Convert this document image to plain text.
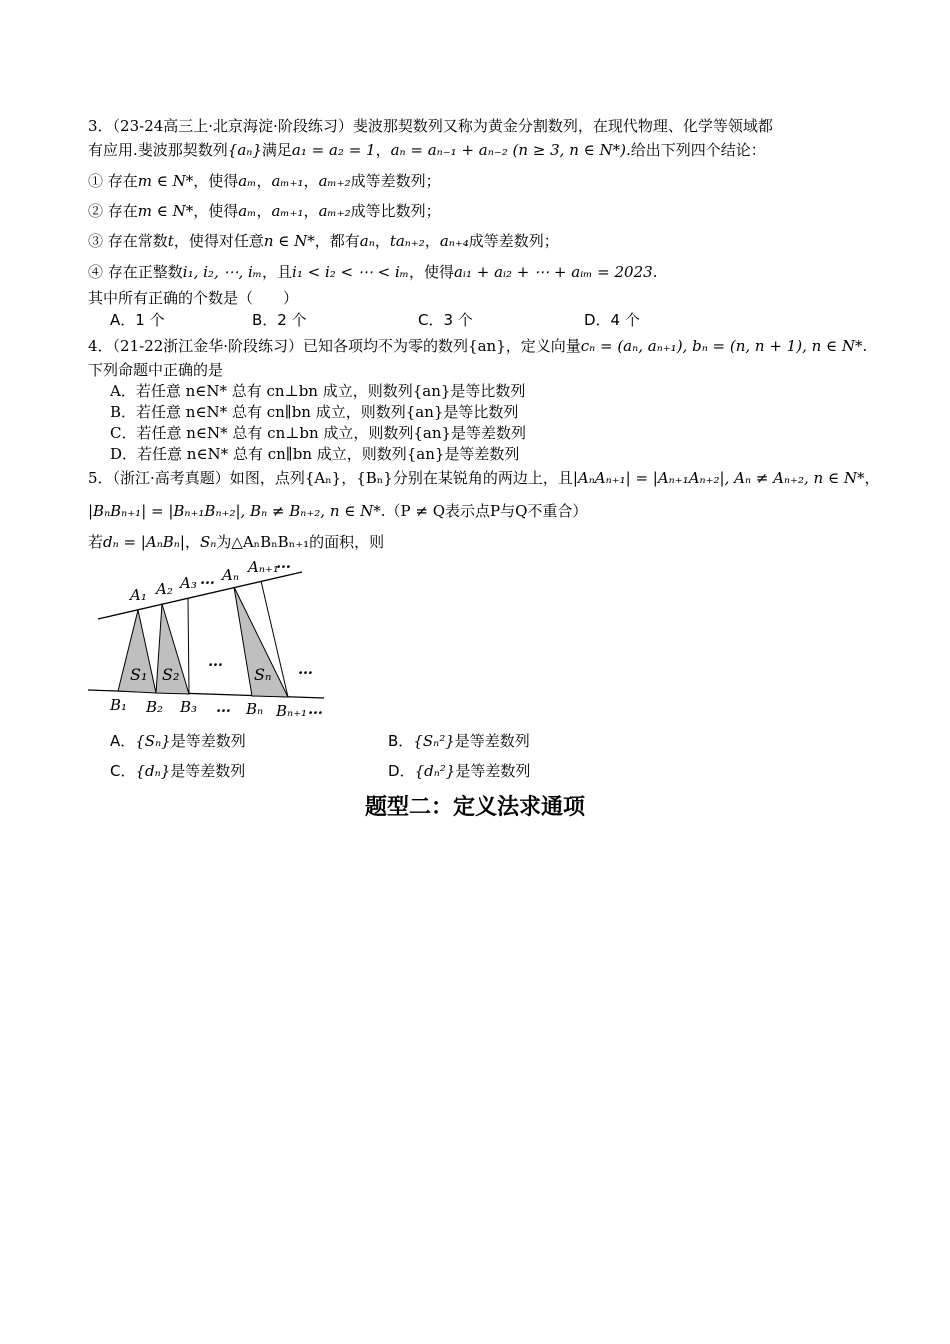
3．（23-24高三上·北京海淀·阶段练习）斐波那契数列又称为黄金分割数列，在现代物理、化学等领域都
有应用.斐波那契数列{aₙ}满足a₁ = a₂ = 1，aₙ = aₙ₋₁ + aₙ₋₂ (n ≥ 3, n ∈ N*).给出下列四个结论：
① 存在m ∈ N*，使得aₘ，aₘ₊₁，aₘ₊₂成等差数列；
② 存在m ∈ N*，使得aₘ，aₘ₊₁，aₘ₊₂成等比数列；
③ 存在常数t，使得对任意n ∈ N*，都有aₙ，taₙ₊₂，aₙ₊₄成等差数列；
④ 存在正整数i₁, i₂, ⋯, iₘ，且i₁ < i₂ < ⋯ < iₘ，使得aᵢ₁ + aᵢ₂ + ⋯ + aᵢₘ = 2023.
其中所有正确的个数是（　　）
A．1 个	B．2 个	C．3 个	D．4 个
4．（21-22浙江金华·阶段练习）已知各项均不为零的数列{an}，定义向量cₙ = (aₙ, aₙ₊₁), bₙ = (n, n + 1), n ∈ N*.
下列命题中正确的是
A．若任意 n∈N* 总有 cn⊥bn 成立，则数列{an}是等比数列
B．若任意 n∈N* 总有 cn∥bn 成立，则数列{an}是等比数列
C．若任意 n∈N* 总有 cn⊥bn 成立，则数列{an}是等差数列
D．若任意 n∈N* 总有 cn∥bn 成立，则数列{an}是等差数列
5．（浙江·高考真题）如图，点列{Aₙ}，{Bₙ}分别在某锐角的两边上，且|AₙAₙ₊₁| = |Aₙ₊₁Aₙ₊₂|, Aₙ ≠ Aₙ₊₂, n ∈ N*，
|BₙBₙ₊₁| = |Bₙ₊₁Bₙ₊₂|, Bₙ ≠ Bₙ₊₂, n ∈ N*.（P ≠ Q表示点P与Q不重合）
若dₙ = |AₙBₙ|，Sₙ为△AₙBₙBₙ₊₁的面积，则
A₁ A₂ A₃ … Aₙ Aₙ₊₁
…
S₁ S₂
…
Sₙ …
B₁ B₂ B₃ … Bₙ Bₙ₊₁ …
A．{Sₙ}是等差数列	B．{Sₙ²}是等差数列
C．{dₙ}是等差数列	D．{dₙ²}是等差数列
题型二：定义法求通项
